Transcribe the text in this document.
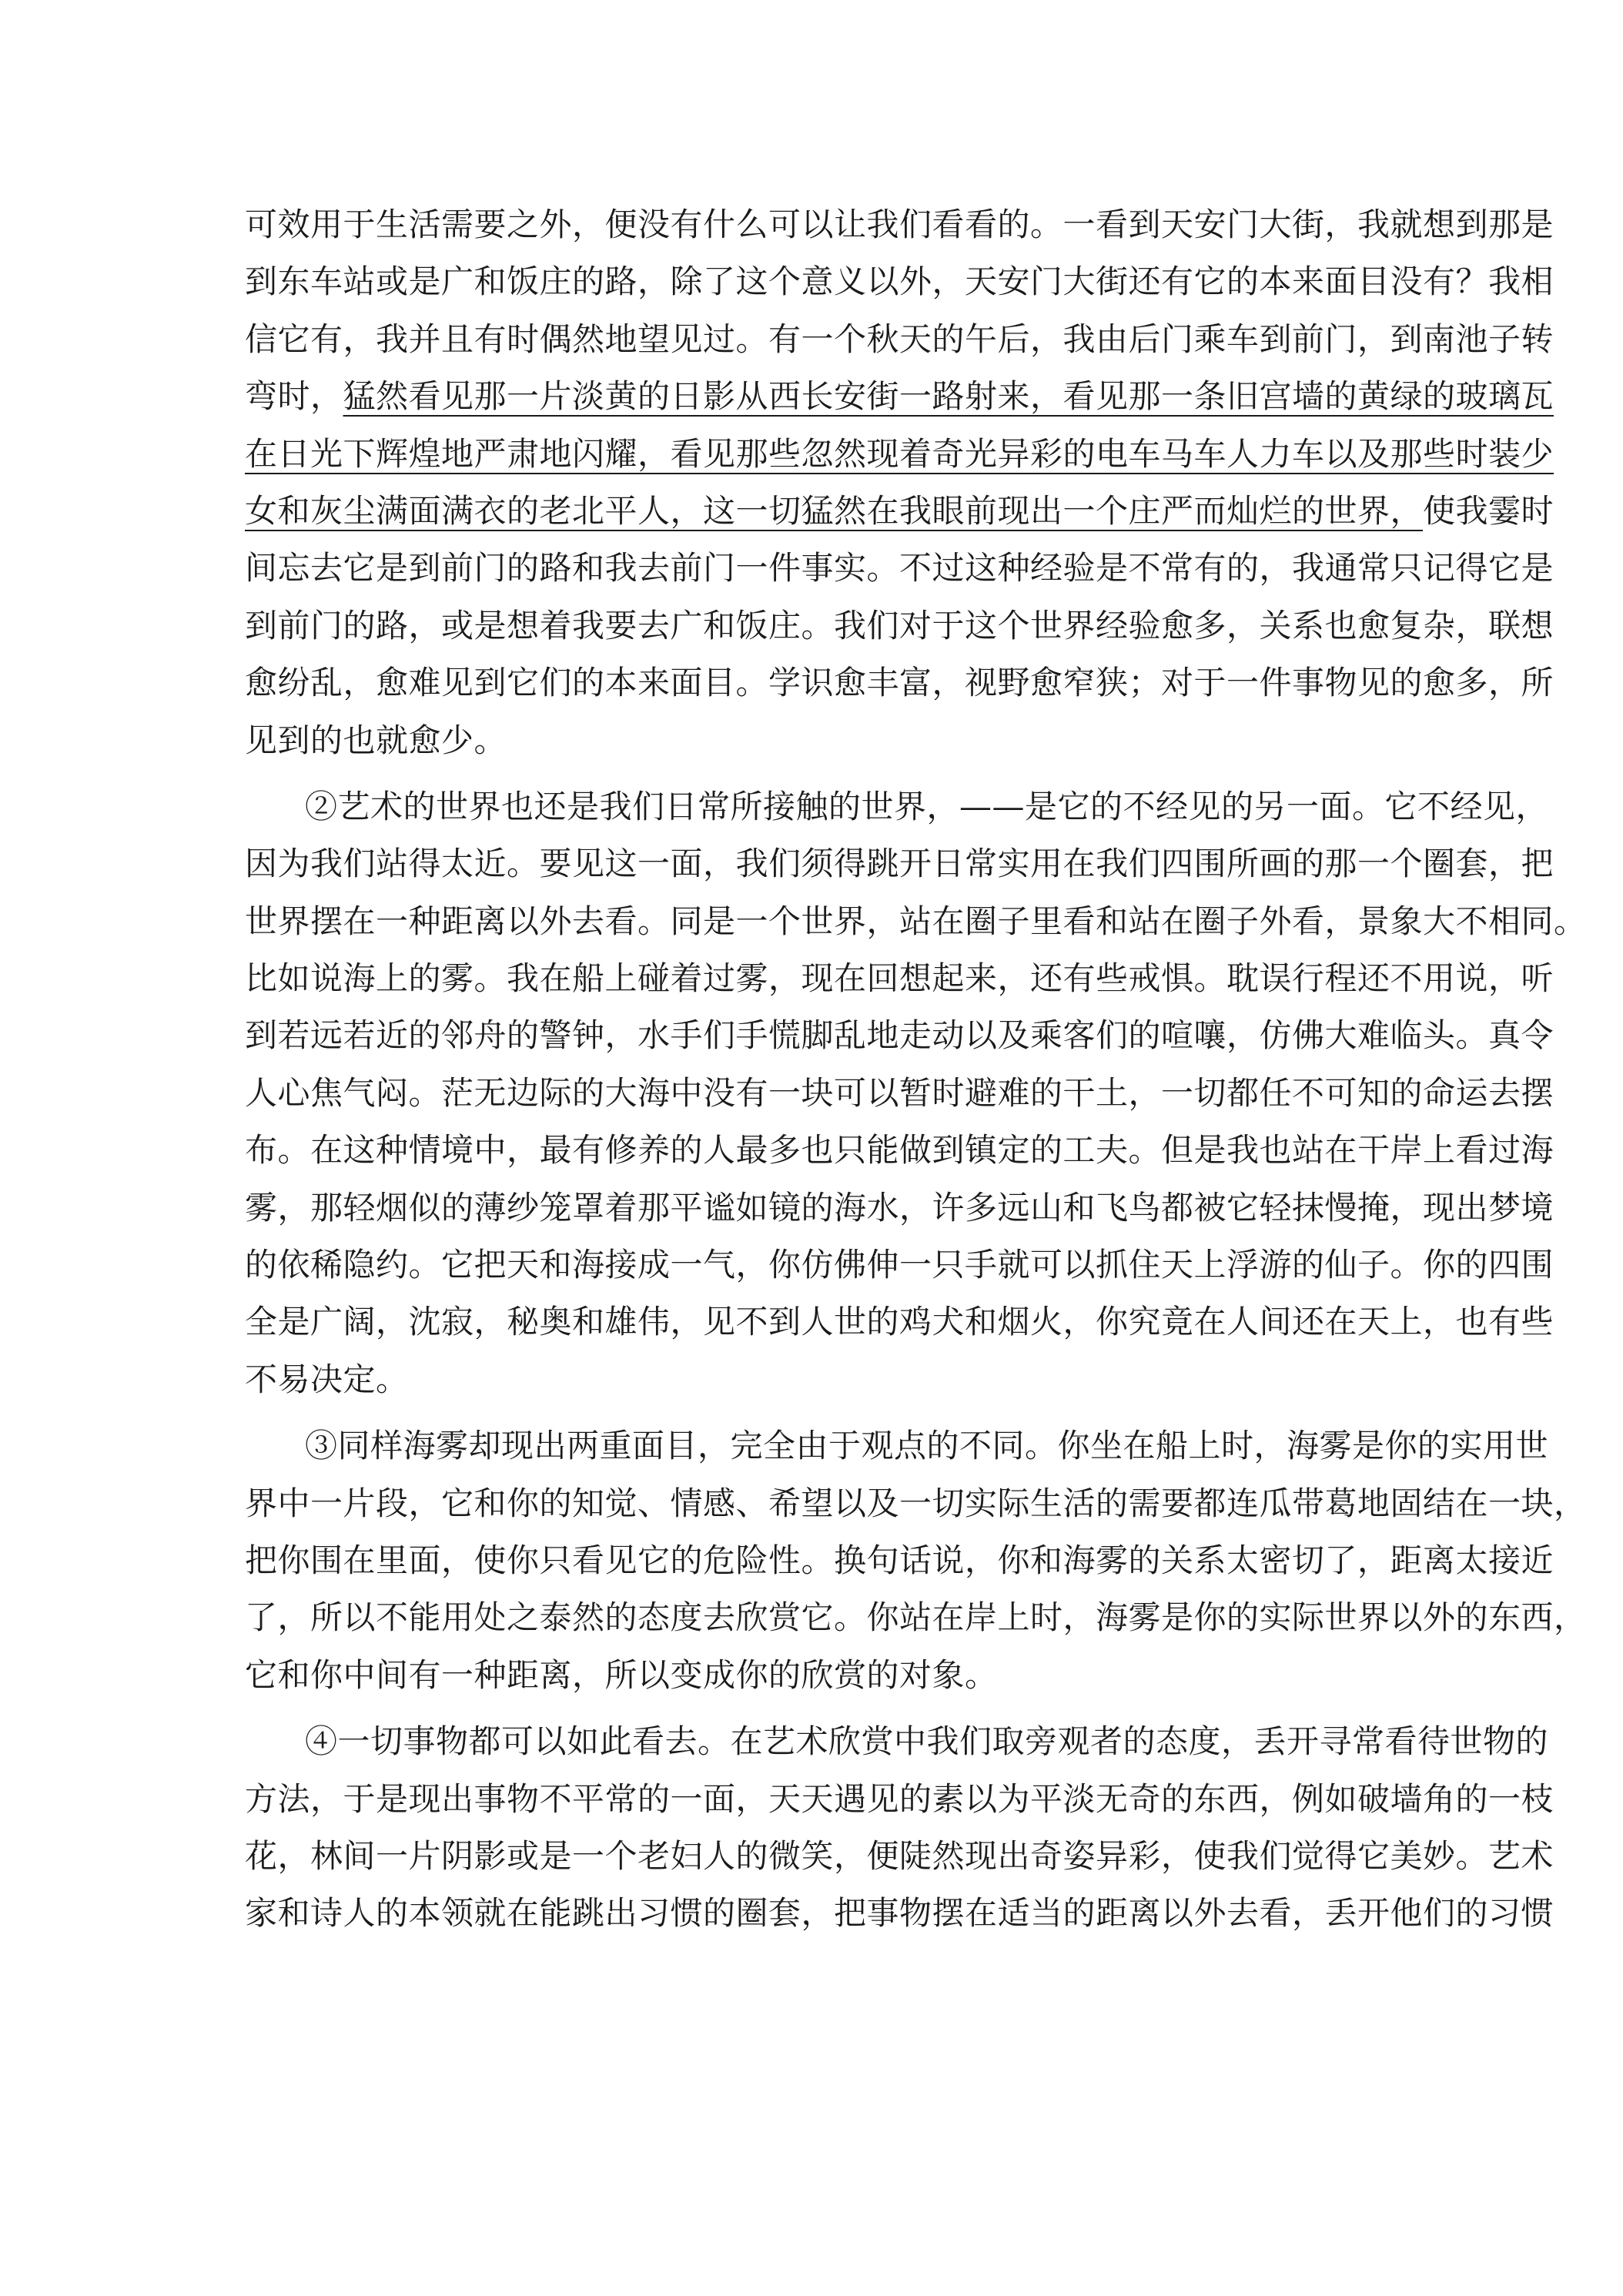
可效用于生活需要之外，便没有什么可以让我们看看的。一看到天安门大街，我就想到那是
到东车站或是广和饭庄的路，除了这个意义以外，天安门大街还有它的本来面目没有？我相
信它有，我并且有时偶然地望见过。有一个秋天的午后，我由后门乘车到前门，到南池子转
弯时，猛然看见那一片淡黄的日影从西长安街一路射来，看见那一条旧宫墙的黄绿的玻璃瓦
在日光下辉煌地严肃地闪耀，看见那些忽然现着奇光异彩的电车马车人力车以及那些时装少
女和灰尘满面满衣的老北平人，这一切猛然在我眼前现出一个庄严而灿烂的世界，使我霎时
间忘去它是到前门的路和我去前门一件事实。不过这种经验是不常有的，我通常只记得它是
到前门的路，或是想着我要去广和饭庄。我们对于这个世界经验愈多，关系也愈复杂，联想
愈纷乱，愈难见到它们的本来面目。学识愈丰富，视野愈窄狭；对于一件事物见的愈多，所
见到的也就愈少。
②艺术的世界也还是我们日常所接触的世界，——是它的不经见的另一面。它不经见，
因为我们站得太近。要见这一面，我们须得跳开日常实用在我们四围所画的那一个圈套，把
世界摆在一种距离以外去看。同是一个世界，站在圈子里看和站在圈子外看，景象大不相同。
比如说海上的雾。我在船上碰着过雾，现在回想起来，还有些戒惧。耽误行程还不用说，听
到若远若近的邻舟的警钟，水手们手慌脚乱地走动以及乘客们的喧嚷，仿佛大难临头。真令
人心焦气闷。茫无边际的大海中没有一块可以暂时避难的干土，一切都任不可知的命运去摆
布。在这种情境中，最有修养的人最多也只能做到镇定的工夫。但是我也站在干岸上看过海
雾，那轻烟似的薄纱笼罩着那平谧如镜的海水，许多远山和飞鸟都被它轻抹慢掩，现出梦境
的依稀隐约。它把天和海接成一气，你仿佛伸一只手就可以抓住天上浮游的仙子。你的四围
全是广阔，沈寂，秘奥和雄伟，见不到人世的鸡犬和烟火，你究竟在人间还在天上，也有些
不易决定。
③同样海雾却现出两重面目，完全由于观点的不同。你坐在船上时，海雾是你的实用世
界中一片段，它和你的知觉、情感、希望以及一切实际生活的需要都连瓜带葛地固结在一块，
把你围在里面，使你只看见它的危险性。换句话说，你和海雾的关系太密切了，距离太接近
了，所以不能用处之泰然的态度去欣赏它。你站在岸上时，海雾是你的实际世界以外的东西，
它和你中间有一种距离，所以变成你的欣赏的对象。
④一切事物都可以如此看去。在艺术欣赏中我们取旁观者的态度，丢开寻常看待世物的
方法，于是现出事物不平常的一面，天天遇见的素以为平淡无奇的东西，例如破墙角的一枝
花，林间一片阴影或是一个老妇人的微笑，便陡然现出奇姿异彩，使我们觉得它美妙。艺术
家和诗人的本领就在能跳出习惯的圈套，把事物摆在适当的距离以外去看，丢开他们的习惯
